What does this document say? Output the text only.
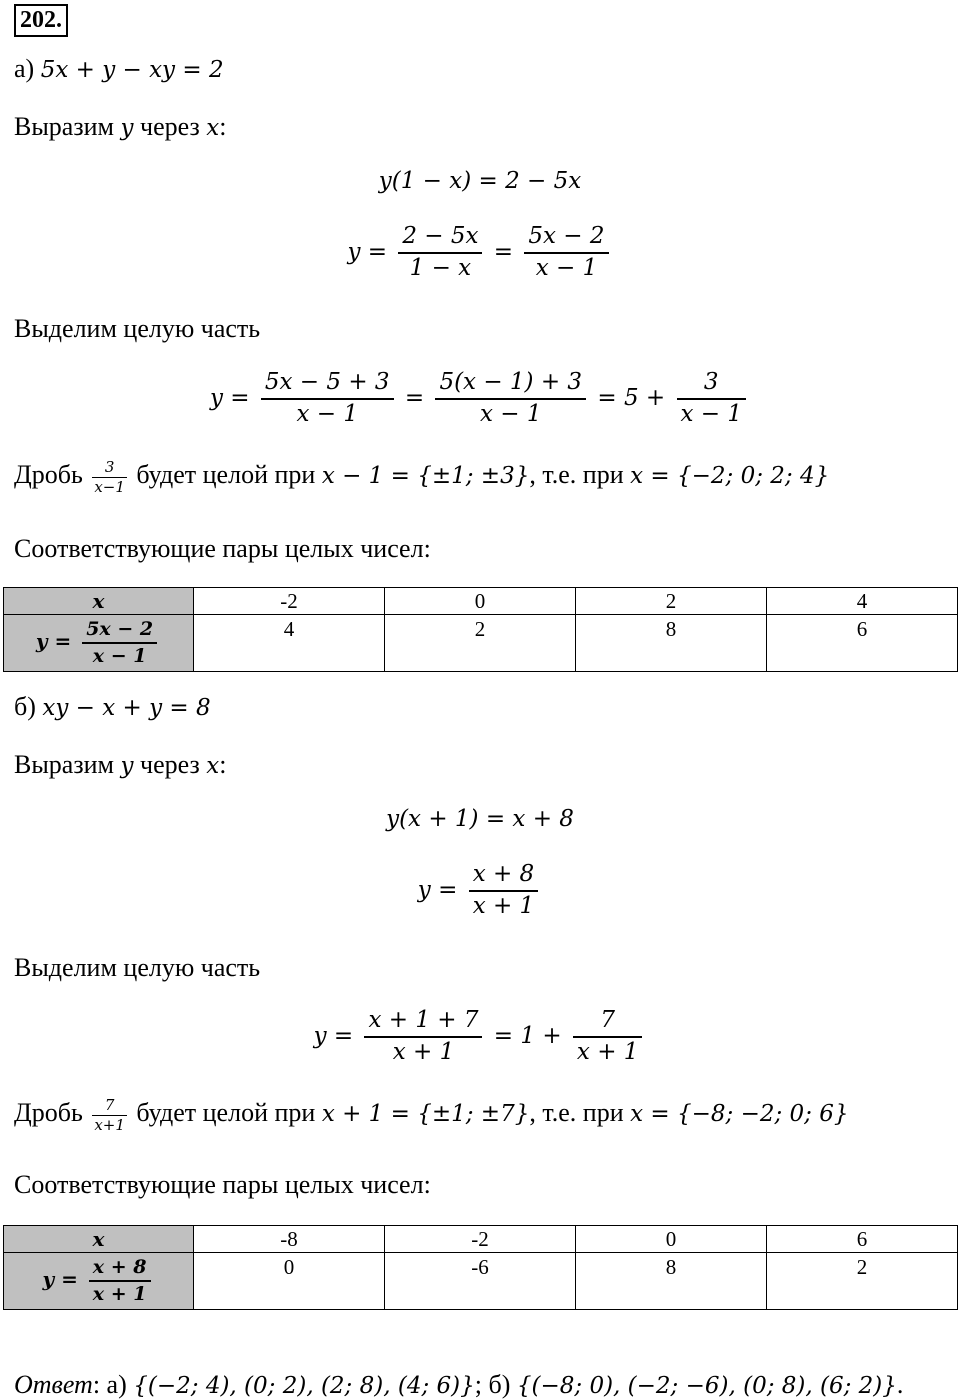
202.
а) 5x + y − xy = 2
Выразим y через x:
y(1 − x) = 2 − 5x
$y = \frac{2 - 5x}{1 - x} = \frac{5x - 2}{x - 1}$
Выделим целую часть
$y = \frac{5x - 5 + 3}{x - 1} = \frac{5(x - 1) + 3}{x - 1} = 5 + \frac{3}{x - 1}$
Дробь $\frac{3}{x-1}$ будет целой при x − 1 = {±1; ±3}, т.е. при x = {−2; 0; 2; 4}
Соответствующие пары целых чисел:
x	-2	0	2	4
$y = \frac{5x - 2}{x - 1}$	4	2	8	6
б) xy − x + y = 8
Выразим y через x:
y(x + 1) = x + 8
$y = \frac{x + 8}{x + 1}$
Выделим целую часть
$y = \frac{x + 1 + 7}{x + 1} = 1 + \frac{7}{x + 1}$
Дробь $\frac{7}{x+1}$ будет целой при x + 1 = {±1; ±7}, т.е. при x = {−8; −2; 0; 6}
Соответствующие пары целых чисел:
x	-8	-2	0	6
$y = \frac{x + 8}{x + 1}$	0	-6	8	2
Ответ: а) {(−2; 4), (0; 2), (2; 8), (4; 6)}; б) {(−8; 0), (−2; −6), (0; 8), (6; 2)}.
